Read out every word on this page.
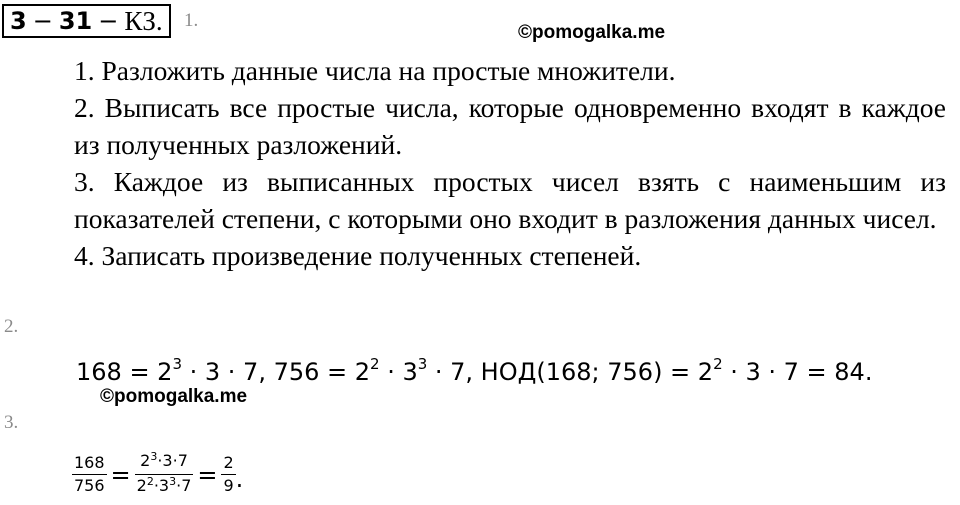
3 − 31 − КЗ. 1.
©pomogalka.me

1. Разложить данные числа на простые множители.

2. Выписать все простые числа, которые одновременно входят в каждое из полученных разложений.

3. Каждое из выписанных простых чисел взять с наименьшим из показателей степени, с которыми оно входит в разложения данных чисел.

4. Записать произведение полученных степеней.

2.
$168 = 2^3 \cdot 3 \cdot 7$, $756 = 2^2 \cdot 3^3 \cdot 7$, НОД(168; $756) = 2^2 \cdot 3 \cdot 7 = 84$.
©pomogalka.me
3.
$\frac{168}{756} = \frac{2^3\cdot 3\cdot 7}{2^2\cdot 3^3\cdot 7} = \frac{2}{9}$ .
